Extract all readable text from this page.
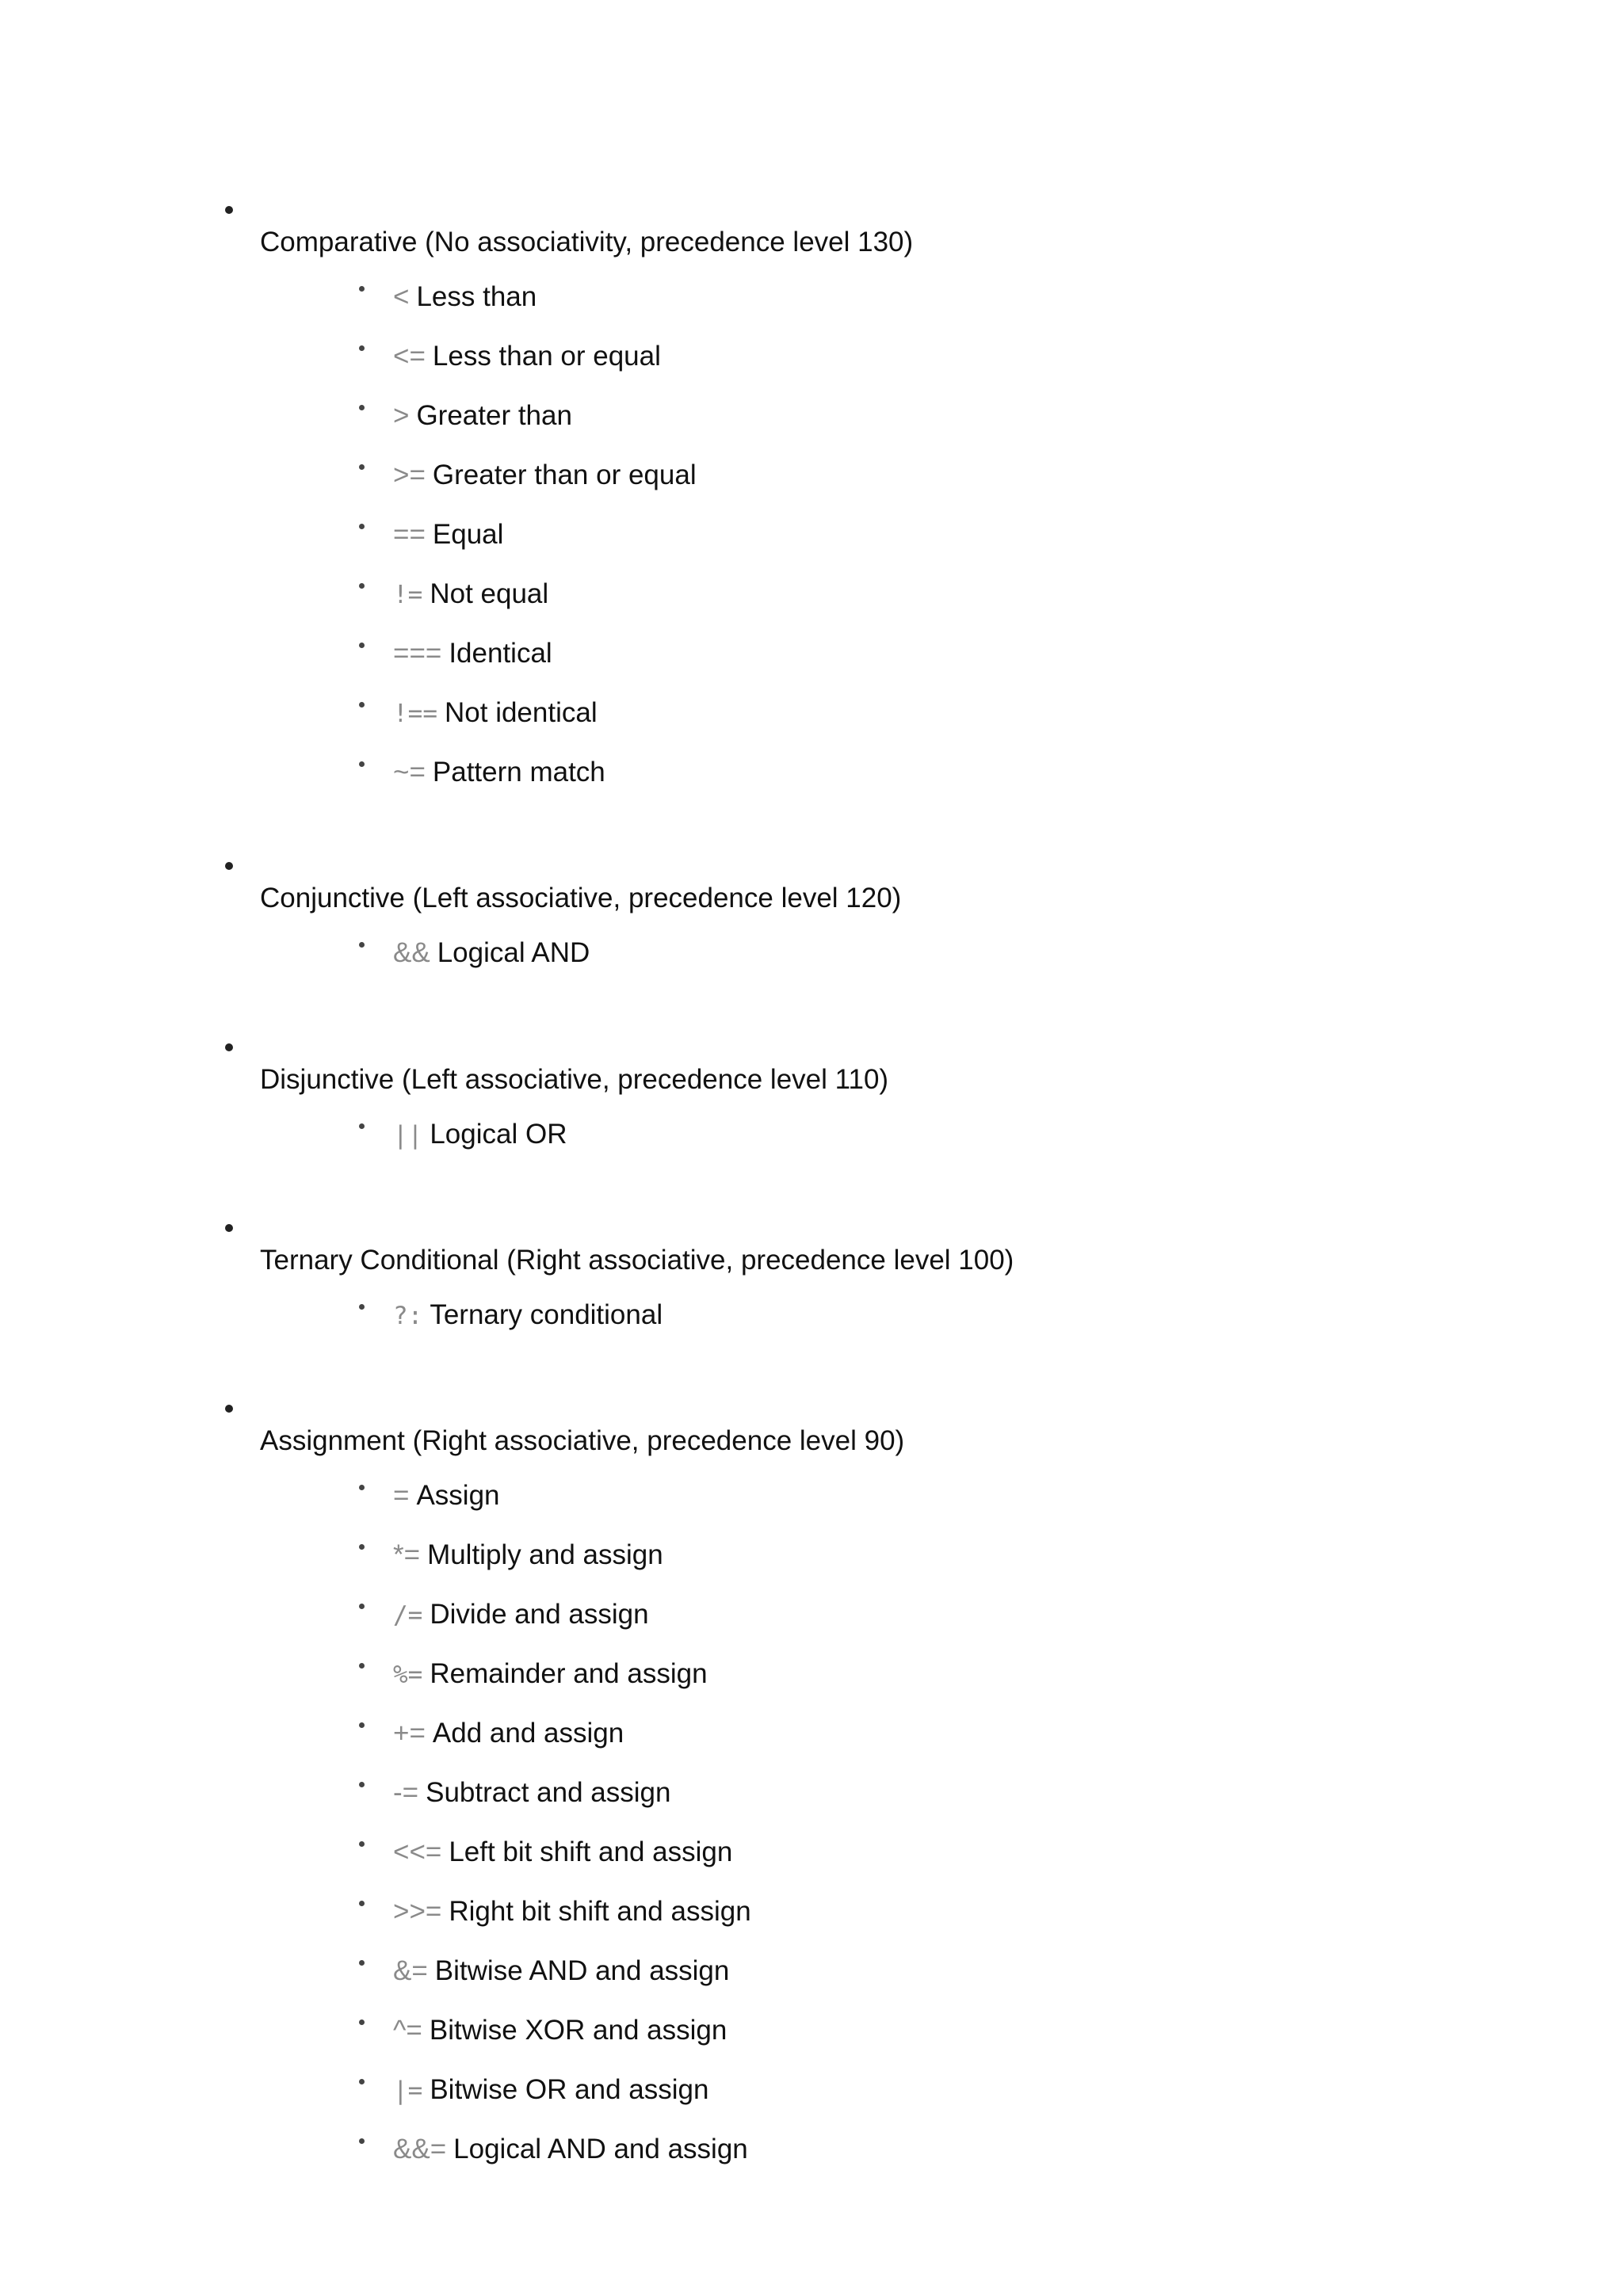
Comparative (No associativity, precedence level 130)
< Less than
<= Less than or equal
> Greater than
>= Greater than or equal
== Equal
!= Not equal
=== Identical
!== Not identical
~= Pattern match
Conjunctive (Left associative, precedence level 120)
&& Logical AND
Disjunctive (Left associative, precedence level 110)
|| Logical OR
Ternary Conditional (Right associative, precedence level 100)
?: Ternary conditional
Assignment (Right associative, precedence level 90)
= Assign
*= Multiply and assign
/= Divide and assign
%= Remainder and assign
+= Add and assign
-= Subtract and assign
<<= Left bit shift and assign
>>= Right bit shift and assign
&= Bitwise AND and assign
^= Bitwise XOR and assign
|= Bitwise OR and assign
&&= Logical AND and assign
